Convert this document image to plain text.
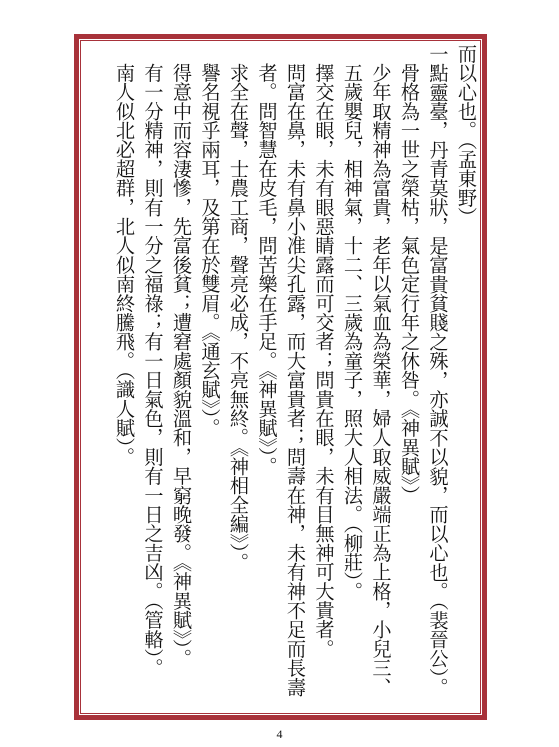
而以心也。（孟東野）

一點靈臺，丹青莫狀，是富貴貧賤之殊，亦誠不以貌，而以心也。（裴晉公）。

骨格為一世之榮枯，氣色定行年之休咎。《神異賦》）

少年取精神為富貴，老年以氣血為榮華，婦人取威嚴端正為上格，小兒三、五歲嬰兒，相神氣，十二、三歲為童子，照大人相法。（柳莊）。

擇交在眼，未有眼惡睛露而可交者；問貴在眼，未有目無神可大貴者。

問富在鼻，未有鼻小准尖孔露，而大富貴者；問壽在神，未有神不足而長壽者。問智慧在皮毛，問苦樂在手足。《神異賦》）。

求全在聲，士農工商，聲亮必成，不亮無終。《神相全編》）。

譽名視乎兩耳，及第在於雙眉。《通玄賦》）。

得意中而容淒慘，先富後貧；遭窘處顏貌溫和，早窮晚發。《神異賦》）。

有一分精神，則有一分之福祿；有一日氣色，則有一日之吉凶。（管輅）。

南人似北必超群，北人似南終騰飛。（識人賦）。

4
